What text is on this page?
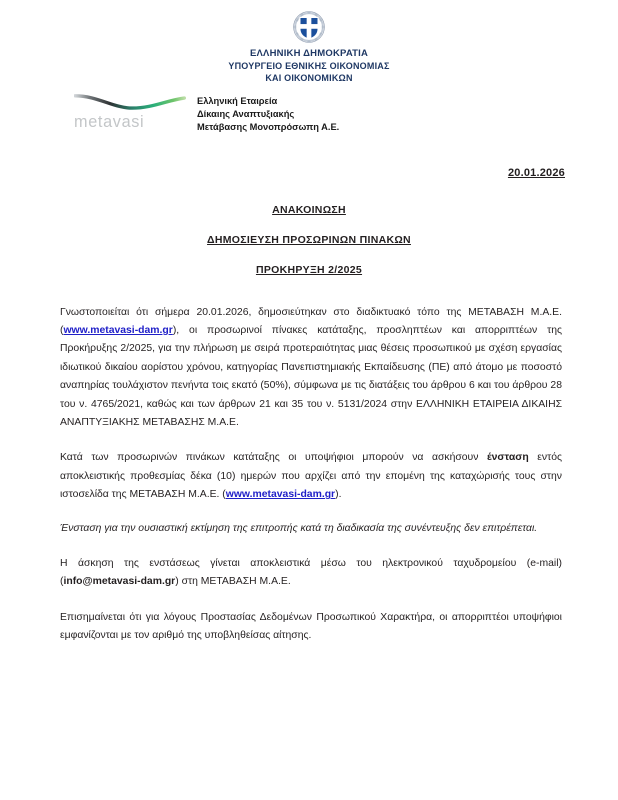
ΕΛΛΗΝΙΚΗ ΔΗΜΟΚΡΑΤΙΑ
ΥΠΟΥΡΓΕΙΟ ΕΘΝΙΚΗΣ ΟΙΚΟΝΟΜΙΑΣ
ΚΑΙ ΟΙΚΟΝΟΜΙΚΩΝ
metavasi
Ελληνική Εταιρεία
Δίκαιης Αναπτυξιακής
Μετάβασης Μονοπρόσωπη Α.Ε.
20.01.2026
ΑΝΑΚΟΙΝΩΣΗ
ΔΗΜΟΣΙΕΥΣΗ ΠΡΟΣΩΡΙΝΩΝ ΠΙΝΑΚΩΝ
ΠΡΟΚΗΡΥΞΗ 2/2025

Γνωστοποιείται ότι σήμερα 20.01.2026, δημοσιεύτηκαν στο διαδικτυακό τόπο της ΜΕΤΑΒΑΣΗ Μ.Α.Ε. (www.metavasi-dam.gr), οι προσωρινοί πίνακες κατάταξης, προσληπτέων και απορριπτέων της Προκήρυξης 2/2025, για την πλήρωση με σειρά προτεραιότητας μιας θέσεις προσωπικού με σχέση εργασίας ιδιωτικού δικαίου αορίστου χρόνου, κατηγορίας Πανεπιστημιακής Εκπαίδευσης (ΠΕ) από άτομο με ποσοστό αναπηρίας τουλάχιστον πενήντα τοις εκατό (50%), σύμφωνα με τις διατάξεις του άρθρου 6 και του άρθρου 28 του ν. 4765/2021, καθώς και των άρθρων 21 και 35 του ν. 5131/2024 στην ΕΛΛΗΝΙΚΗ ΕΤΑΙΡΕΙΑ ΔΙΚΑΙΗΣ ΑΝΑΠΤΥΞΙΑΚΗΣ ΜΕΤΑΒΑΣΗΣ Μ.Α.Ε.

Κατά των προσωρινών πινάκων κατάταξης οι υποψήφιοι μπορούν να ασκήσουν ένσταση εντός αποκλειστικής προθεσμίας δέκα (10) ημερών που αρχίζει από την επομένη της καταχώρισής τους στην ιστοσελίδα της ΜΕΤΑΒΑΣΗ Μ.Α.Ε. (www.metavasi-dam.gr).

Ένσταση για την ουσιαστική εκτίμηση της επιτροπής κατά τη διαδικασία της συνέντευξης δεν επιτρέπεται.

Η άσκηση της ενστάσεως γίνεται αποκλειστικά μέσω του ηλεκτρονικού ταχυδρομείου (e-mail) (info@metavasi-dam.gr) στη ΜΕΤΑΒΑΣΗ Μ.Α.Ε.

Επισημαίνεται ότι για λόγους Προστασίας Δεδομένων Προσωπικού Χαρακτήρα, οι απορριπτέοι υποψήφιοι εμφανίζονται με τον αριθμό της υποβληθείσας αίτησης.
